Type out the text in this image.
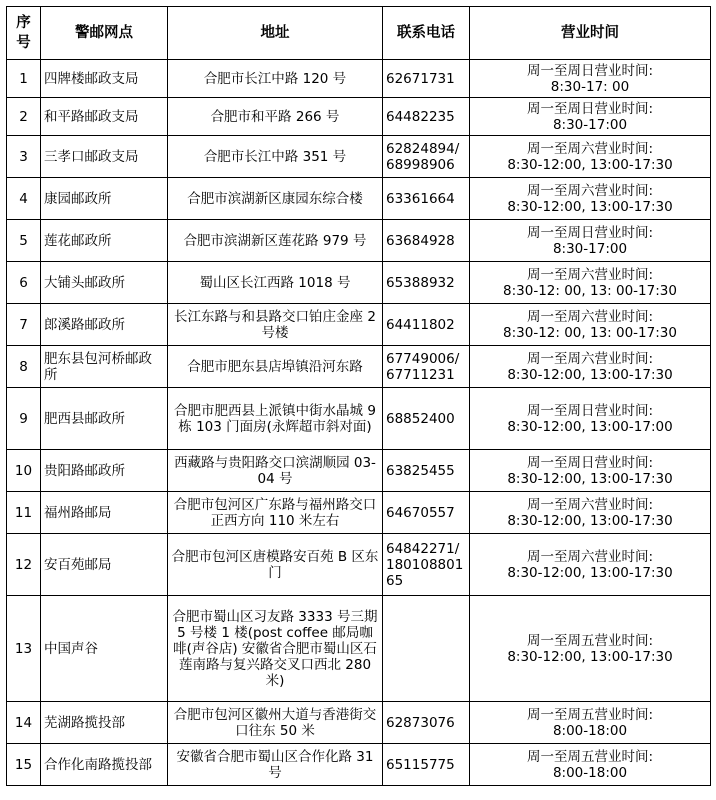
序号	警邮网点	地址	联系电话	营业时间
1	四牌楼邮政支局	合肥市长江中路 120 号	62671731	周一至周日营业时间:
8:30-17: 00

2	和平路邮政支局	合肥市和平路 266 号	64482235	周一至周日营业时间:
8:30-17:00

3	三孝口邮政支局	合肥市长江中路 351 号	62824894/
68998906	周一至周六营业时间:
8:30-12:00, 13:00-17:30

4	康园邮政所	合肥市滨湖新区康园东综合楼	63361664	周一至周六营业时间:
8:30-12:00, 13:00-17:30

5	莲花邮政所	合肥市滨湖新区莲花路 979 号	63684928	周一至周日营业时间:
8:30-17:00

6	大铺头邮政所	蜀山区长江西路 1018 号	65388932	周一至周六营业时间:
8:30-12: 00, 13: 00-17:30

7	郎溪路邮政所	长江东路与和县路交口铂庄金座 2 号楼	64411802	周一至周六营业时间:
8:30-12: 00, 13: 00-17:30

8	肥东县包河桥邮政所	合肥市肥东县店埠镇沿河东路	67749006/
67711231	周一至周六营业时间:
8:30-12:00, 13:00-17:30

9	肥西县邮政所	合肥市肥西县上派镇中街水晶城 9 栋 103 门面房(永辉超市斜对面)	68852400	周一至周日营业时间:
8:30-12:00, 13:00-17:00

10	贵阳路邮政所	西藏路与贵阳路交口滨湖顺园 03-04 号	63825455	周一至周日营业时间:
8:30-12:00, 13:00-17:30

11	福州路邮局	合肥市包河区广东路与福州路交口正西方向 110 米左右	64670557	周一至周六营业时间:
8:30-12:00, 13:00-17:30

12	安百苑邮局	合肥市包河区唐模路安百苑 B 区东门	64842271/
180108801
65	周一至周六营业时间:
8:30-12:00, 13:00-17:30

13	中国声谷	合肥市蜀山区习友路 3333 号三期 5 号楼 1 楼(post coffee 邮局咖啡(声谷店) 安徽省合肥市蜀山区石莲南路与复兴路交叉口西北 280 米)		周一至周五营业时间:
8:30-12:00, 13:00-17:30

14	芜湖路揽投部	合肥市包河区徽州大道与香港街交口往东 50 米	62873076	周一至周五营业时间:
8:00-18:00

15	合作化南路揽投部	安徽省合肥市蜀山区合作化路 31 号	65115775	周一至周五营业时间:
8:00-18:00
